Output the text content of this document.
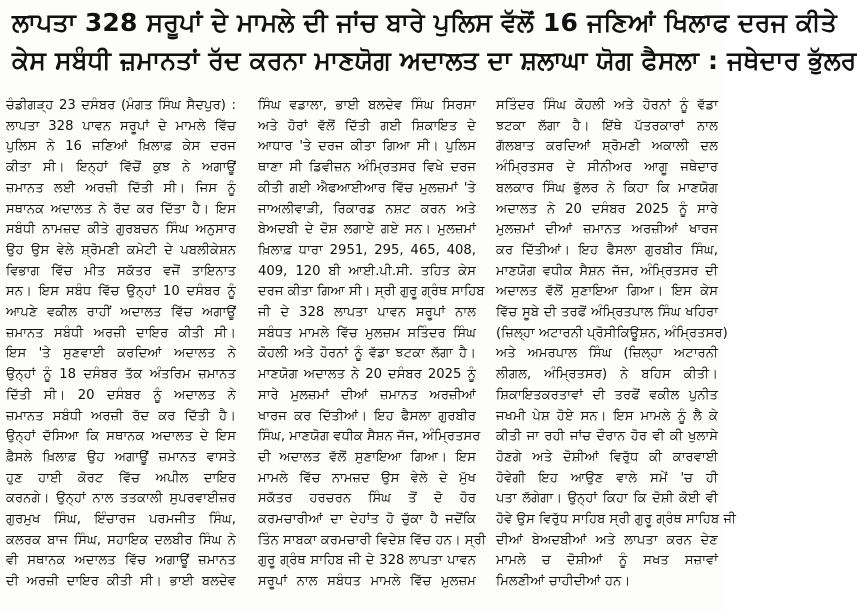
ਲਾਪਤਾ 328 ਸਰੂਪਾਂ ਦੇ ਮਾਮਲੇ ਦੀ ਜਾਂਚ ਬਾਰੇ ਪੁਲਿਸ ਵੱਲੋਂ 16 ਜਣਿਆਂ ਖਿਲਾਫ ਦਰਜ ਕੀਤੇ
ਕੇਸ ਸਬੰਧੀ ਜ਼ਮਾਨਤਾਂ ਰੱਦ ਕਰਨਾ ਮਾਣਯੋਗ ਅਦਾਲਤ ਦਾ ਸ਼ਲਾਘਾ ਯੋਗ ਫੈਸਲਾ : ਜਥੇਦਾਰ ਭੁੱਲਰ
ਚੰਡੀਗੜ੍ਹ 23 ਦਸੰਬਰ (ਮੰਗਤ ਸਿੰਘ ਸੈਦਪੁਰ) :
ਲਾਪਤਾ 328 ਪਾਵਨ ਸਰੂਪਾਂ ਦੇ ਮਾਮਲੇ ਵਿੱਚ
ਪੁਲਿਸ ਨੇ 16 ਜਣਿਆਂ ਖ਼ਿਲਾਫ਼ ਕੇਸ ਦਰਜ
ਕੀਤਾ ਸੀ। ਇਨ੍ਹਾਂ ਵਿੱਚੋਂ ਕੁਝ ਨੇ ਅਗਾਊਂ
ਜ਼ਮਾਨਤ ਲਈ ਅਰਜ਼ੀ ਦਿੱਤੀ ਸੀ। ਜਿਸ ਨੂੰ
ਸਥਾਨਕ ਅਦਾਲਤ ਨੇ ਰੱਦ ਕਰ ਦਿੱਤਾ ਹੈ। ਇਸ
ਸਬੰਧੀ ਨਾਮਜ਼ਦ ਕੀਤੇ ਗੁਰਬਚਨ ਸਿੰਘ ਅਨੁਸਾਰ
ਉਹ ਉਸ ਵੇਲੇ ਸ਼੍ਰੋਮਣੀ ਕਮੇਟੀ ਦੇ ਪਬਲੀਕੇਸ਼ਨ
ਵਿਭਾਗ ਵਿੱਚ ਮੀਤ ਸਕੱਤਰ ਵਜੋਂ ਤਾਇਨਾਤ
ਸਨ। ਇਸ ਸਬੰਧ ਵਿੱਚ ਉਨ੍ਹਾਂ 10 ਦਸੰਬਰ ਨੂੰ
ਆਪਣੇ ਵਕੀਲ ਰਾਹੀਂ ਅਦਾਲਤ ਵਿੱਚ ਅਗਾਊਂ
ਜ਼ਮਾਨਤ ਸਬੰਧੀ ਅਰਜ਼ੀ ਦਾਇਰ ਕੀਤੀ ਸੀ।
ਇਸ 'ਤੇ ਸੁਣਵਾਈ ਕਰਦਿਆਂ ਅਦਾਲਤ ਨੇ
ਉਨ੍ਹਾਂ ਨੂੰ 18 ਦਸੰਬਰ ਤੱਕ ਅੰਤਰਿਮ ਜ਼ਮਾਨਤ
ਦਿੱਤੀ ਸੀ। 20 ਦਸੰਬਰ ਨੂੰ ਅਦਾਲਤ ਨੇ
ਜ਼ਮਾਨਤ ਸਬੰਧੀ ਅਰਜ਼ੀ ਰੱਦ ਕਰ ਦਿੱਤੀ ਹੈ।
ਉਨ੍ਹਾਂ ਦੱਸਿਆ ਕਿ ਸਥਾਨਕ ਅਦਾਲਤ ਦੇ ਇਸ
ਫ਼ੈਸਲੇ ਖ਼ਿਲਾਫ਼ ਉਹ ਅਗਾਊਂ ਜ਼ਮਾਨਤ ਵਾਸਤੇ
ਹੁਣ ਹਾਈ ਕੋਰਟ ਵਿੱਚ ਅਪੀਲ ਦਾਇਰ
ਕਰਨਗੇ। ਉਨ੍ਹਾਂ ਨਾਲ ਤਤਕਾਲੀ ਸੁਪਰਵਾਈਜ਼ਰ
ਗੁਰਮੁਖ ਸਿੰਘ, ਇੰਚਾਰਜ ਪਰਮਜੀਤ ਸਿੰਘ,
ਕਲਰਕ ਬਾਜ ਸਿੰਘ, ਸਹਾਇਕ ਦਲਬੀਰ ਸਿੰਘ ਨੇ
ਵੀ ਸਥਾਨਕ ਅਦਾਲਤ ਵਿੱਚ ਅਗਾਊਂ ਜ਼ਮਾਨਤ
ਦੀ ਅਰਜ਼ੀ ਦਾਇਰ ਕੀਤੀ ਸੀ। ਭਾਈ ਬਲਦੇਵ
ਸਿੰਘ ਵਡਾਲਾ, ਭਾਈ ਬਲਦੇਵ ਸਿੰਘ ਸਿਰਸਾ
ਅਤੇ ਹੋਰਾਂ ਵੱਲੋਂ ਦਿੱਤੀ ਗਈ ਸ਼ਿਕਾਇਤ ਦੇ
ਆਧਾਰ 'ਤੇ ਦਰਜ ਕੀਤਾ ਗਿਆ ਸੀ। ਪੁਲਿਸ
ਥਾਣਾ ਸੀ ਡਿਵੀਜ਼ਨ ਅੰਮ੍ਰਿਤਸਰ ਵਿਖੇ ਦਰਜ
ਕੀਤੀ ਗਈ ਐਫਆਈਆਰ ਵਿੱਚ ਮੁਲਜ਼ਮਾਂ 'ਤੇ
ਜਾਅਲੀਵਾੜੀ, ਰਿਕਾਰਡ ਨਸ਼ਟ ਕਰਨ ਅਤੇ
ਬੇਅਦਬੀ ਦੇ ਦੋਸ਼ ਲਗਾਏ ਗਏ ਸਨ। ਮੁਲਜ਼ਮਾਂ
ਖ਼ਿਲਾਫ਼ ਧਾਰਾ 2951, 295, 465, 408,
409, 120 ਬੀ ਆਈ.ਪੀ.ਸੀ. ਤਹਿਤ ਕੇਸ
ਦਰਜ ਕੀਤਾ ਗਿਆ ਸੀ। ਸ੍ਰੀ ਗੁਰੂ ਗ੍ਰੰਥ ਸਾਹਿਬ
ਜੀ ਦੇ 328 ਲਾਪਤਾ ਪਾਵਨ ਸਰੂਪਾਂ ਨਾਲ
ਸਬੰਧਤ ਮਾਮਲੇ ਵਿੱਚ ਮੁਲਜ਼ਮ ਸਤਿੰਦਰ ਸਿੰਘ
ਕੋਹਲੀ ਅਤੇ ਹੋਰਨਾਂ ਨੂੰ ਵੱਡਾ ਝਟਕਾ ਲੱਗਾ ਹੈ।
ਮਾਣਯੋਗ ਅਦਾਲਤ ਨੇ 20 ਦਸੰਬਰ 2025 ਨੂੰ
ਸਾਰੇ ਮੁਲਜ਼ਮਾਂ ਦੀਆਂ ਜ਼ਮਾਨਤ ਅਰਜ਼ੀਆਂ
ਖਾਰਜ ਕਰ ਦਿੱਤੀਆਂ। ਇਹ ਫੈਸਲਾ ਗੁਰਬੀਰ
ਸਿੰਘ, ਮਾਣਯੋਗ ਵਧੀਕ ਸੈਸ਼ਨ ਜੱਜ, ਅੰਮ੍ਰਿਤਸਰ
ਦੀ ਅਦਾਲਤ ਵੱਲੋਂ ਸੁਣਾਇਆ ਗਿਆ। ਇਸ
ਮਾਮਲੇ ਵਿੱਚ ਨਾਮਜ਼ਦ ਉਸ ਵੇਲੇ ਦੇ ਮੁੱਖ
ਸਕੱਤਰ ਹਰਚਰਨ ਸਿੰਘ ਤੋਂ ਦੋ ਹੋਰ
ਕਰਮਚਾਰੀਆਂ ਦਾ ਦੇਹਾਂਤ ਹੋ ਚੁੱਕਾ ਹੈ ਜਦੋਂਕਿ
ਤਿੰਨ ਸਾਬਕਾ ਕਰਮਚਾਰੀ ਵਿਦੇਸ਼ ਵਿੱਚ ਹਨ। ਸ੍ਰੀ
ਗੁਰੂ ਗ੍ਰੰਥ ਸਾਹਿਬ ਜੀ ਦੇ 328 ਲਾਪਤਾ ਪਾਵਨ
ਸਰੂਪਾਂ ਨਾਲ ਸਬੰਧਤ ਮਾਮਲੇ ਵਿੱਚ ਮੁਲਜ਼ਮ
ਸਤਿੰਦਰ ਸਿੰਘ ਕੋਹਲੀ ਅਤੇ ਹੋਰਨਾਂ ਨੂੰ ਵੱਡਾ
ਝਟਕਾ ਲੱਗਾ ਹੈ। ਇੱਥੇ ਪੱਤਰਕਾਰਾਂ ਨਾਲ
ਗੱਲਬਾਤ ਕਰਦਿਆਂ ਸ਼੍ਰੋਮਣੀ ਅਕਾਲੀ ਦਲ
ਅੰਮ੍ਰਿਤਸਰ ਦੇ ਸੀਨੀਅਰ ਆਗੂ ਜਥੇਦਾਰ
ਬਲਕਾਰ ਸਿੰਘ ਭੁੱਲਰ ਨੇ ਕਿਹਾ ਕਿ ਮਾਣਯੋਗ
ਅਦਾਲਤ ਨੇ 20 ਦਸੰਬਰ 2025 ਨੂੰ ਸਾਰੇ
ਮੁਲਜ਼ਮਾਂ ਦੀਆਂ ਜ਼ਮਾਨਤ ਅਰਜ਼ੀਆਂ ਖਾਰਜ
ਕਰ ਦਿੱਤੀਆਂ। ਇਹ ਫੈਸਲਾ ਗੁਰਬੀਰ ਸਿੰਘ,
ਮਾਣਯੋਗ ਵਧੀਕ ਸੈਸ਼ਨ ਜੱਜ, ਅੰਮ੍ਰਿਤਸਰ ਦੀ
ਅਦਾਲਤ ਵੱਲੋਂ ਸੁਣਾਇਆ ਗਿਆ। ਇਸ ਕੇਸ
ਵਿੱਚ ਸੂਬੇ ਦੀ ਤਰਫੋਂ ਅੰਮ੍ਰਿਤਪਾਲ ਸਿੰਘ ਖਹਿਰਾ
(ਜ਼ਿਲ੍ਹਾ ਅਟਾਰਨੀ ਪ੍ਰੋਸੀਕਿਊਸ਼ਨ, ਅੰਮ੍ਰਿਤਸਰ)
ਅਤੇ ਅਮਰਪਾਲ ਸਿੰਘ (ਜ਼ਿਲ੍ਹਾ ਅਟਾਰਨੀ
ਲੀਗਲ, ਅੰਮ੍ਰਿਤਸਰ) ਨੇ ਬਹਿਸ ਕੀਤੀ।
ਸ਼ਿਕਾਇਤਕਰਤਾਵਾਂ ਦੀ ਤਰਫੋਂ ਵਕੀਲ ਪੁਨੀਤ
ਜਖਮੀ ਪੇਸ਼ ਹੋਏ ਸਨ। ਇਸ ਮਾਮਲੇ ਨੂੰ ਲੈ ਕੇ
ਕੀਤੀ ਜਾ ਰਹੀ ਜਾਂਚ ਦੌਰਾਨ ਹੋਰ ਵੀ ਕੀ ਖੁਲਾਸੇ
ਹੋਣਗੇ ਅਤੇ ਦੋਸ਼ੀਆਂ ਵਿਰੁੱਧ ਕੀ ਕਾਰਵਾਈ
ਹੋਵੇਗੀ ਇਹ ਆਉਣ ਵਾਲੇ ਸਮੇਂ 'ਚ ਹੀ
ਪਤਾ ਲੱਗੇਗਾ। ਉਨ੍ਹਾਂ ਕਿਹਾ ਕਿ ਦੋਸ਼ੀ ਕੋਈ ਵੀ
ਹੋਵੇ ਉਸ ਵਿਰੁੱਧ ਸਾਹਿਬ ਸ੍ਰੀ ਗੁਰੂ ਗ੍ਰੰਥ ਸਾਹਿਬ ਜੀ
ਦੀਆਂ ਬੇਅਦਬੀਆਂ ਅਤੇ ਲਾਪਤਾ ਕਰਨ ਦੇਣ
ਮਾਮਲੇ ਚ ਦੋਸ਼ੀਆਂ ਨੂੰ ਸਖਤ ਸਜ਼ਾਵਾਂ
ਮਿਲਣੀਆਂ ਚਾਹੀਦੀਆਂ ਹਨ।
